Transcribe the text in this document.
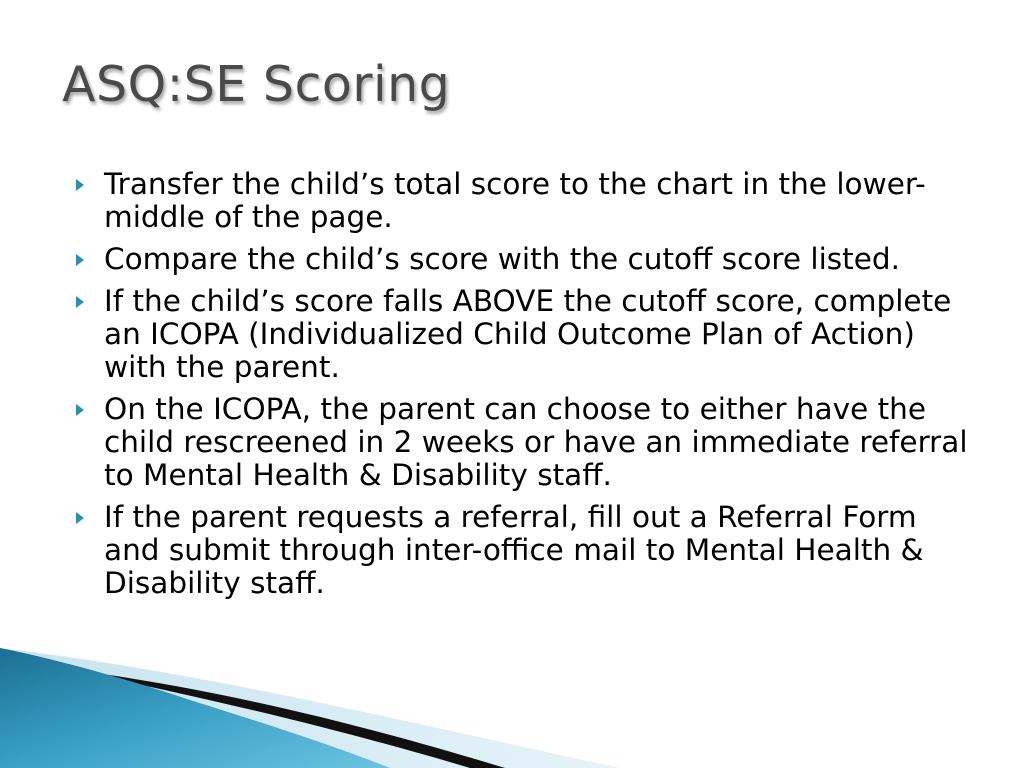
ASQ:SE Scoring
Transfer the child’s total score to the chart in the lower-middle of the page.
Compare the child’s score with the cutoff score listed.
If the child’s score falls ABOVE the cutoff score, complete an ICOPA (Individualized Child Outcome Plan of Action) with the parent.
On the ICOPA, the parent can choose to either have the child rescreened in 2 weeks or have an immediate referral to Mental Health & Disability staff.
If the parent requests a referral, fill out a Referral Form and submit through inter-office mail to Mental Health & Disability staff.
